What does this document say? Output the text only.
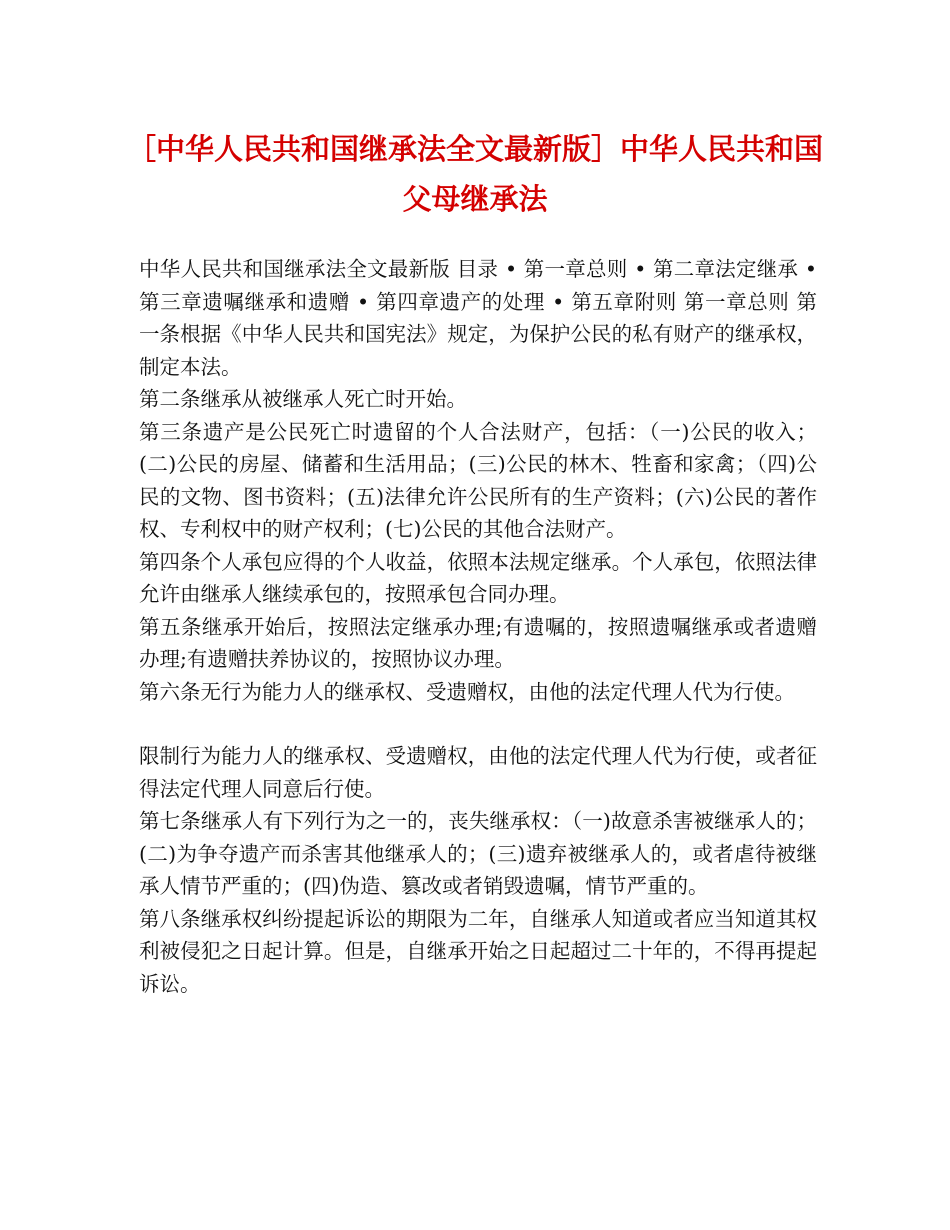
［中华人民共和国继承法全文最新版］中华人民共和国父母继承法

中华人民共和国继承法全文最新版 目录 • 第一章总则 • 第二章法定继承 • 第三章遗嘱继承和遗赠 • 第四章遗产的处理 • 第五章附则 第一章总则 第一条根据《中华人民共和国宪法》规定，为保护公民的私有财产的继承权，制定本法。

第二条继承从被继承人死亡时开始。

第三条遗产是公民死亡时遗留的个人合法财产，包括：（一)公民的收入；(二)公民的房屋、储蓄和生活用品；(三)公民的林木、牲畜和家禽；（四)公民的文物、图书资料；(五)法律允许公民所有的生产资料；(六)公民的著作权、专利权中的财产权利；(七)公民的其他合法财产。

第四条个人承包应得的个人收益，依照本法规定继承。个人承包，依照法律允许由继承人继续承包的，按照承包合同办理。

第五条继承开始后，按照法定继承办理;有遗嘱的，按照遗嘱继承或者遗赠办理;有遗赠扶养协议的，按照协议办理。

第六条无行为能力人的继承权、受遗赠权，由他的法定代理人代为行使。

限制行为能力人的继承权、受遗赠权，由他的法定代理人代为行使，或者征得法定代理人同意后行使。

第七条继承人有下列行为之一的，丧失继承权：（一)故意杀害被继承人的；(二)为争夺遗产而杀害其他继承人的；(三)遗弃被继承人的，或者虐待被继承人情节严重的；(四)伪造、篡改或者销毁遗嘱，情节严重的。

第八条继承权纠纷提起诉讼的期限为二年，自继承人知道或者应当知道其权利被侵犯之日起计算。但是，自继承开始之日起超过二十年的，不得再提起诉讼。
